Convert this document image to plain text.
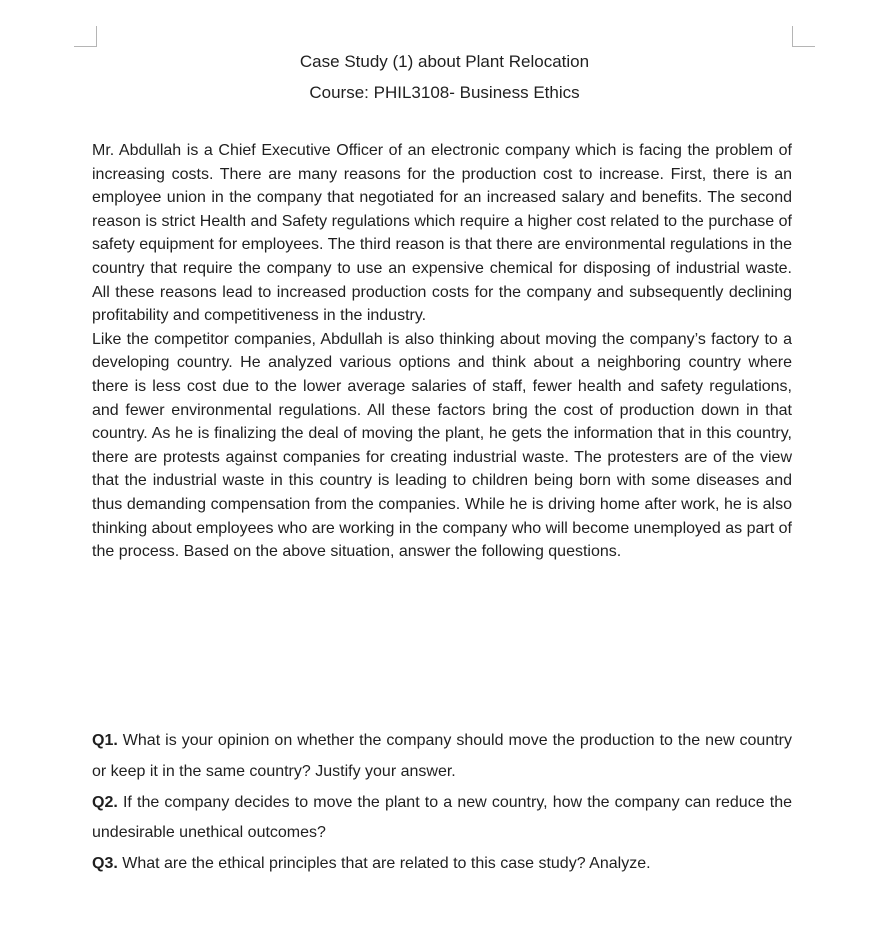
Case Study (1) about Plant Relocation
Course: PHIL3108- Business Ethics

Mr. Abdullah is a Chief Executive Officer of an electronic company which is facing the problem of increasing costs. There are many reasons for the production cost to increase. First, there is an employee union in the company that negotiated for an increased salary and benefits. The second reason is strict Health and Safety regulations which require a higher cost related to the purchase of safety equipment for employees. The third reason is that there are environmental regulations in the country that require the company to use an expensive chemical for disposing of industrial waste. All these reasons lead to increased production costs for the company and subsequently declining profitability and competitiveness in the industry.

Like the competitor companies, Abdullah is also thinking about moving the company’s factory to a developing country. He analyzed various options and think about a neighboring country where there is less cost due to the lower average salaries of staff, fewer health and safety regulations, and fewer environmental regulations. All these factors bring the cost of production down in that country. As he is finalizing the deal of moving the plant, he gets the information that in this country, there are protests against companies for creating industrial waste. The protesters are of the view that the industrial waste in this country is leading to children being born with some diseases and thus demanding compensation from the companies. While he is driving home after work, he is also thinking about employees who are working in the company who will become unemployed as part of the process. Based on the above situation, answer the following questions.

Q1. What is your opinion on whether the company should move the production to the new country or keep it in the same country? Justify your answer.

Q2. If the company decides to move the plant to a new country, how the company can reduce the undesirable unethical outcomes?

Q3. What are the ethical principles that are related to this case study? Analyze.
